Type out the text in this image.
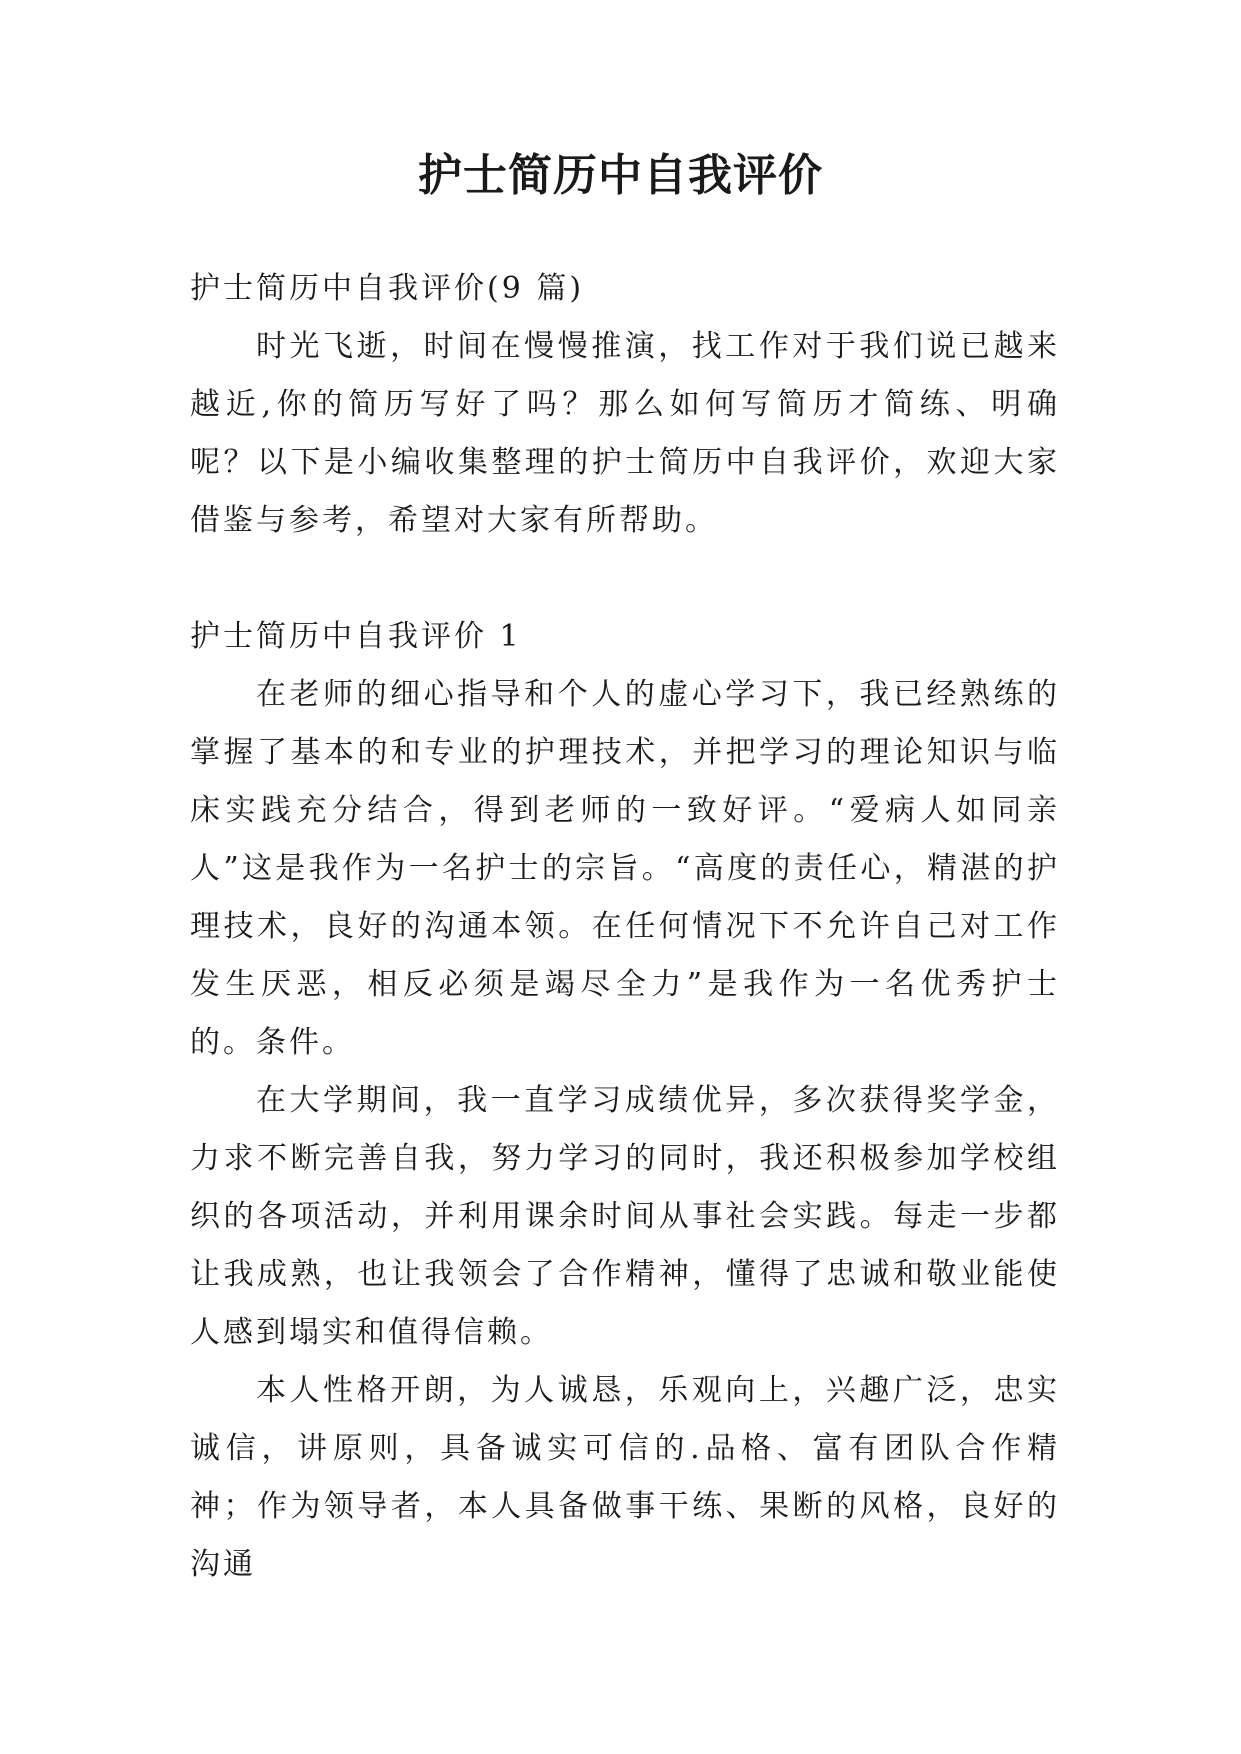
护士简历中自我评价

护士简历中自我评价(9 篇)

时光飞逝，时间在慢慢推演，找工作对于我们说已越来越近,你的简历写好了吗？那么如何写简历才简练、明确呢？以下是小编收集整理的护士简历中自我评价，欢迎大家借鉴与参考，希望对大家有所帮助。

护士简历中自我评价 1

在老师的细心指导和个人的虚心学习下，我已经熟练的掌握了基本的和专业的护理技术，并把学习的理论知识与临床实践充分结合，得到老师的一致好评。“爱病人如同亲人”这是我作为一名护士的宗旨。“高度的责任心，精湛的护理技术，良好的沟通本领。在任何情况下不允许自己对工作发生厌恶，相反必须是竭尽全力”是我作为一名优秀护士的。条件。

在大学期间，我一直学习成绩优异，多次获得奖学金，力求不断完善自我，努力学习的同时，我还积极参加学校组织的各项活动，并利用课余时间从事社会实践。每走一步都让我成熟，也让我领会了合作精神，懂得了忠诚和敬业能使人感到塌实和值得信赖。

本人性格开朗，为人诚恳，乐观向上，兴趣广泛，忠实诚信，讲原则，具备诚实可信的.品格、富有团队合作精神；作为领导者，本人具备做事干练、果断的风格，良好的沟通
